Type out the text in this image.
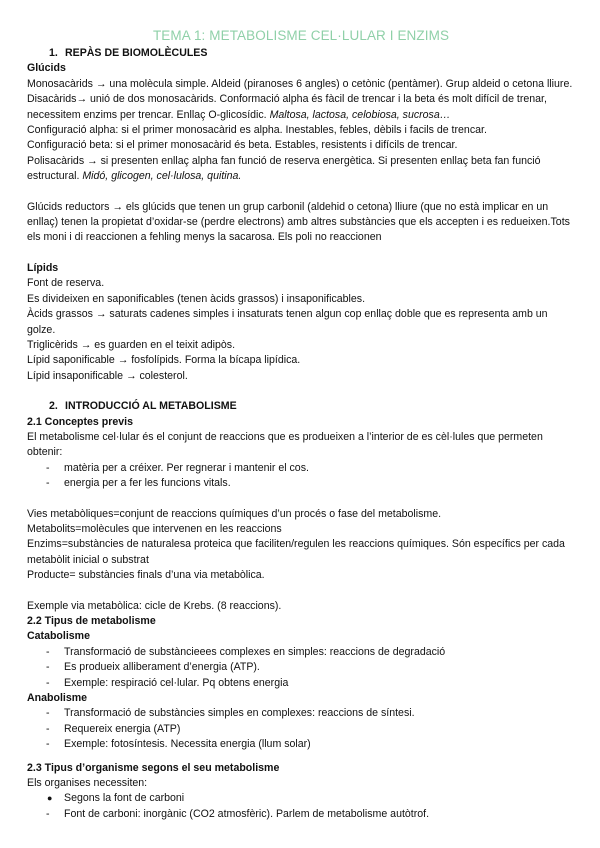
TEMA 1: METABOLISME CEL·LULAR I ENZIMS
1. REPÀS DE BIOMOLÈCULES

Glúcids

Monosacàrids → una molècula simple. Aldeid (piranoses 6 angles) o cetònic (pentàmer). Grup aldeid o cetona lliure.

Disacàrids→ unió de dos monosacàrids. Conformació alpha és fàcil de trencar i la beta és molt difícil de trenar, necessitem enzims per trencar. Enllaç O-glicosídic. Maltosa, lactosa, celobiosa, sucrosa…

Configuració alpha: si el primer monosacàrid es alpha. Inestables, febles, dèbils i facils de trencar.

Configuració beta: si el primer monosacàrid és beta. Estables, resistents i difícils de trencar.

Polisacàrids → si presenten enllaç alpha fan funció de reserva energètica. Si presenten enllaç beta fan funció estructural. Midó, glicogen, cel·lulosa, quitina.

Glúcids reductors → els glúcids que tenen un grup carbonil (aldehid o cetona) lliure (que no està implicar en un enllaç) tenen la propietat d’oxidar-se (perdre electrons) amb altres substàncies que els accepten i es redueixen.Tots els moni i di reaccionen a fehling menys la sacarosa. Els poli no reaccionen

Lípids

Font de reserva.

Es divideixen en saponificables (tenen àcids grassos) i insaponificables.

Àcids grassos → saturats cadenes simples i insaturats tenen algun cop enllaç doble que es representa amb un golze.

Triglicèrids → es guarden en el teixit adipòs.

Lípid saponificable → fosfolípids. Forma la bícapa lipídica.

Lípid insaponificable → colesterol.

2. INTRODUCCIÓ AL METABOLISME

2.1 Conceptes previs

El metabolisme cel·lular és el conjunt de reaccions que es produeixen a l’interior de es cèl·lules que permeten obtenir:

- matèria per a créixer. Per regnerar i mantenir el cos.
- energia per a fer les funcions vitals.

Vies metabòliques=conjunt de reaccions químiques d’un procés o fase del metabolisme.

Metabolits=molècules que intervenen en les reaccions

Enzims=substàncies de naturalesa proteica que faciliten/regulen les reaccions químiques. Són específics per cada metabòlit inicial o substrat

Producte= substàncies finals d’una via metabòlica.

Exemple via metabòlica: cicle de Krebs. (8 reaccions).

2.2 Tipus de metabolisme

Catabolisme

- Transformació de substàncieees complexes en simples: reaccions de degradació
- Es produeix alliberament d’energia (ATP).
- Exemple: respiració cel·lular. Pq obtens energia

Anabolisme

- Transformació de substàncies simples en complexes: reaccions de síntesi.
- Requereix energia (ATP)
- Exemple: fotosíntesis. Necessita energia (llum solar)

2.3 Tipus d’organisme segons el seu metabolisme

Els organises necessiten:

● Segons la font de carboni
- Font de carboni: inorgànic (CO2 atmosfèric). Parlem de metabolisme autòtrof.
